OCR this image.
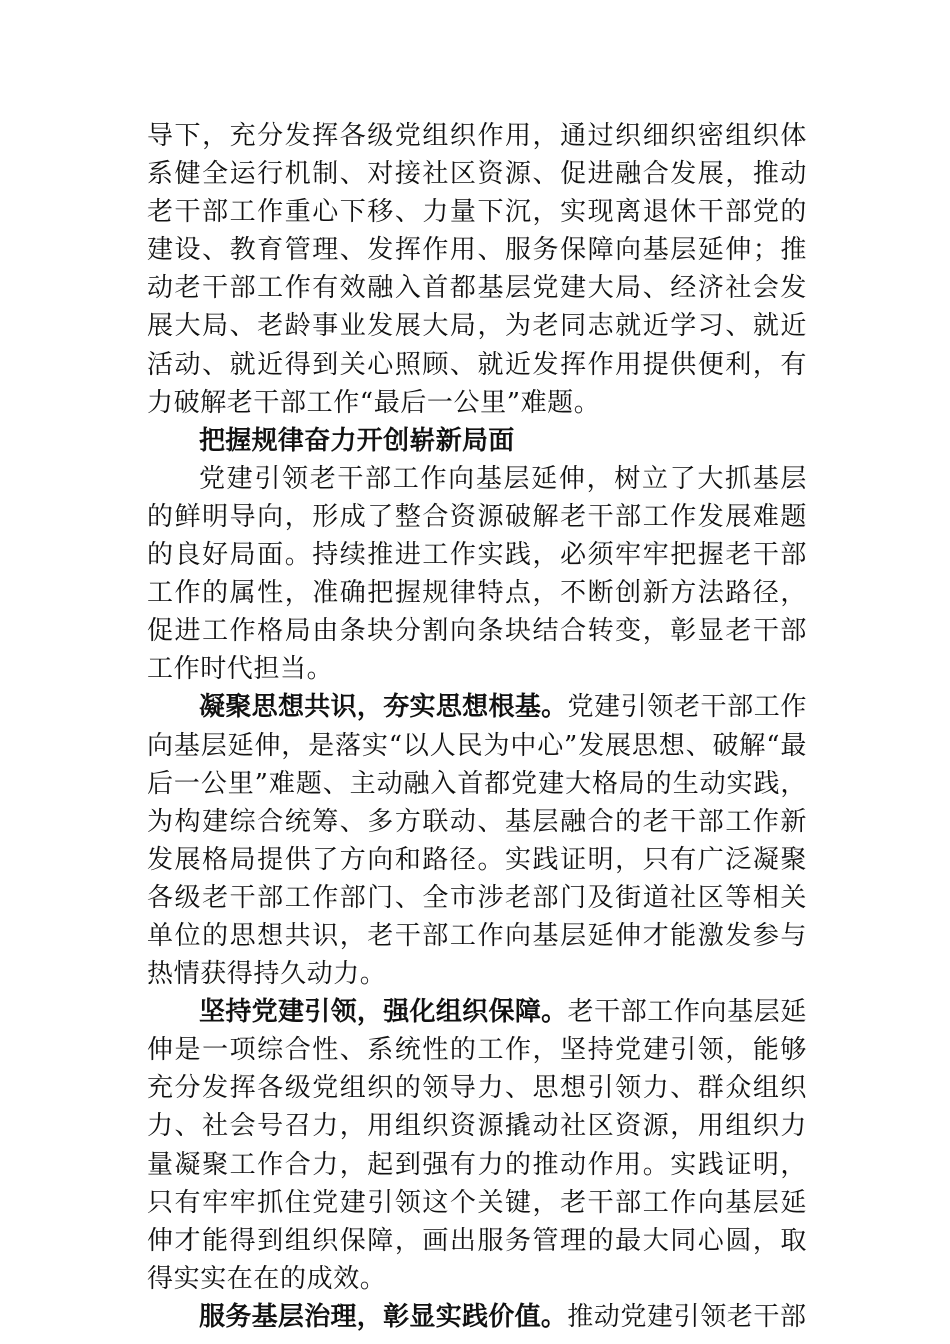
导下，充分发挥各级党组织作用，通过织细织密组织体系健全运行机制、对接社区资源、促进融合发展，推动老干部工作重心下移、力量下沉，实现离退休干部党的建设、教育管理、发挥作用、服务保障向基层延伸；推动老干部工作有效融入首都基层党建大局、经济社会发展大局、老龄事业发展大局，为老同志就近学习、就近活动、就近得到关心照顾、就近发挥作用提供便利，有力破解老干部工作“最后一公里”难题。

把握规律奋力开创崭新局面

党建引领老干部工作向基层延伸，树立了大抓基层的鲜明导向，形成了整合资源破解老干部工作发展难题的良好局面。持续推进工作实践，必须牢牢把握老干部工作的属性，准确把握规律特点，不断创新方法路径，促进工作格局由条块分割向条块结合转变，彰显老干部工作时代担当。

凝聚思想共识，夯实思想根基。党建引领老干部工作向基层延伸，是落实“以人民为中心”发展思想、破解“最后一公里”难题、主动融入首都党建大格局的生动实践，为构建综合统筹、多方联动、基层融合的老干部工作新发展格局提供了方向和路径。实践证明，只有广泛凝聚各级老干部工作部门、全市涉老部门及街道社区等相关单位的思想共识，老干部工作向基层延伸才能激发参与热情获得持久动力。

坚持党建引领，强化组织保障。老干部工作向基层延伸是一项综合性、系统性的工作，坚持党建引领，能够充分发挥各级党组织的领导力、思想引领力、群众组织力、社会号召力，用组织资源撬动社区资源，用组织力量凝聚工作合力，起到强有力的推动作用。实践证明，只有牢牢抓住党建引领这个关键，老干部工作向基层延伸才能得到组织保障，画出服务管理的最大同心圆，取得实实在在的成效。

服务基层治理，彰显实践价值。推动党建引领老干部
